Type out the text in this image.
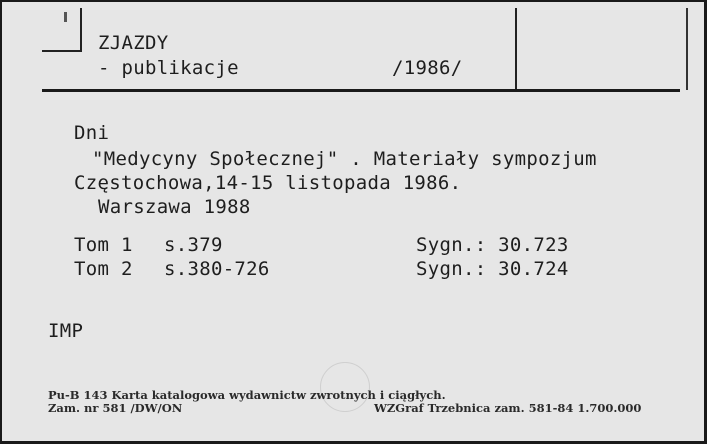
ZJAZDY
- publikacje	/1986/
Dni
"Medycyny Społecznej" . Materiały sympozjum
Częstochowa,14-15 listopada 1986.
Warszawa 1988
Tom 1 s.379	Sygn.: 30.723
Tom 2 s.380-726	Sygn.: 30.724
IMP
Pu-B 143 Karta katalogowa wydawnictw zwrotnych i ciągłych.
Zam. nr 581 /DW/ON	WZGraf Trzebnica zam. 581-84 1.700.000
